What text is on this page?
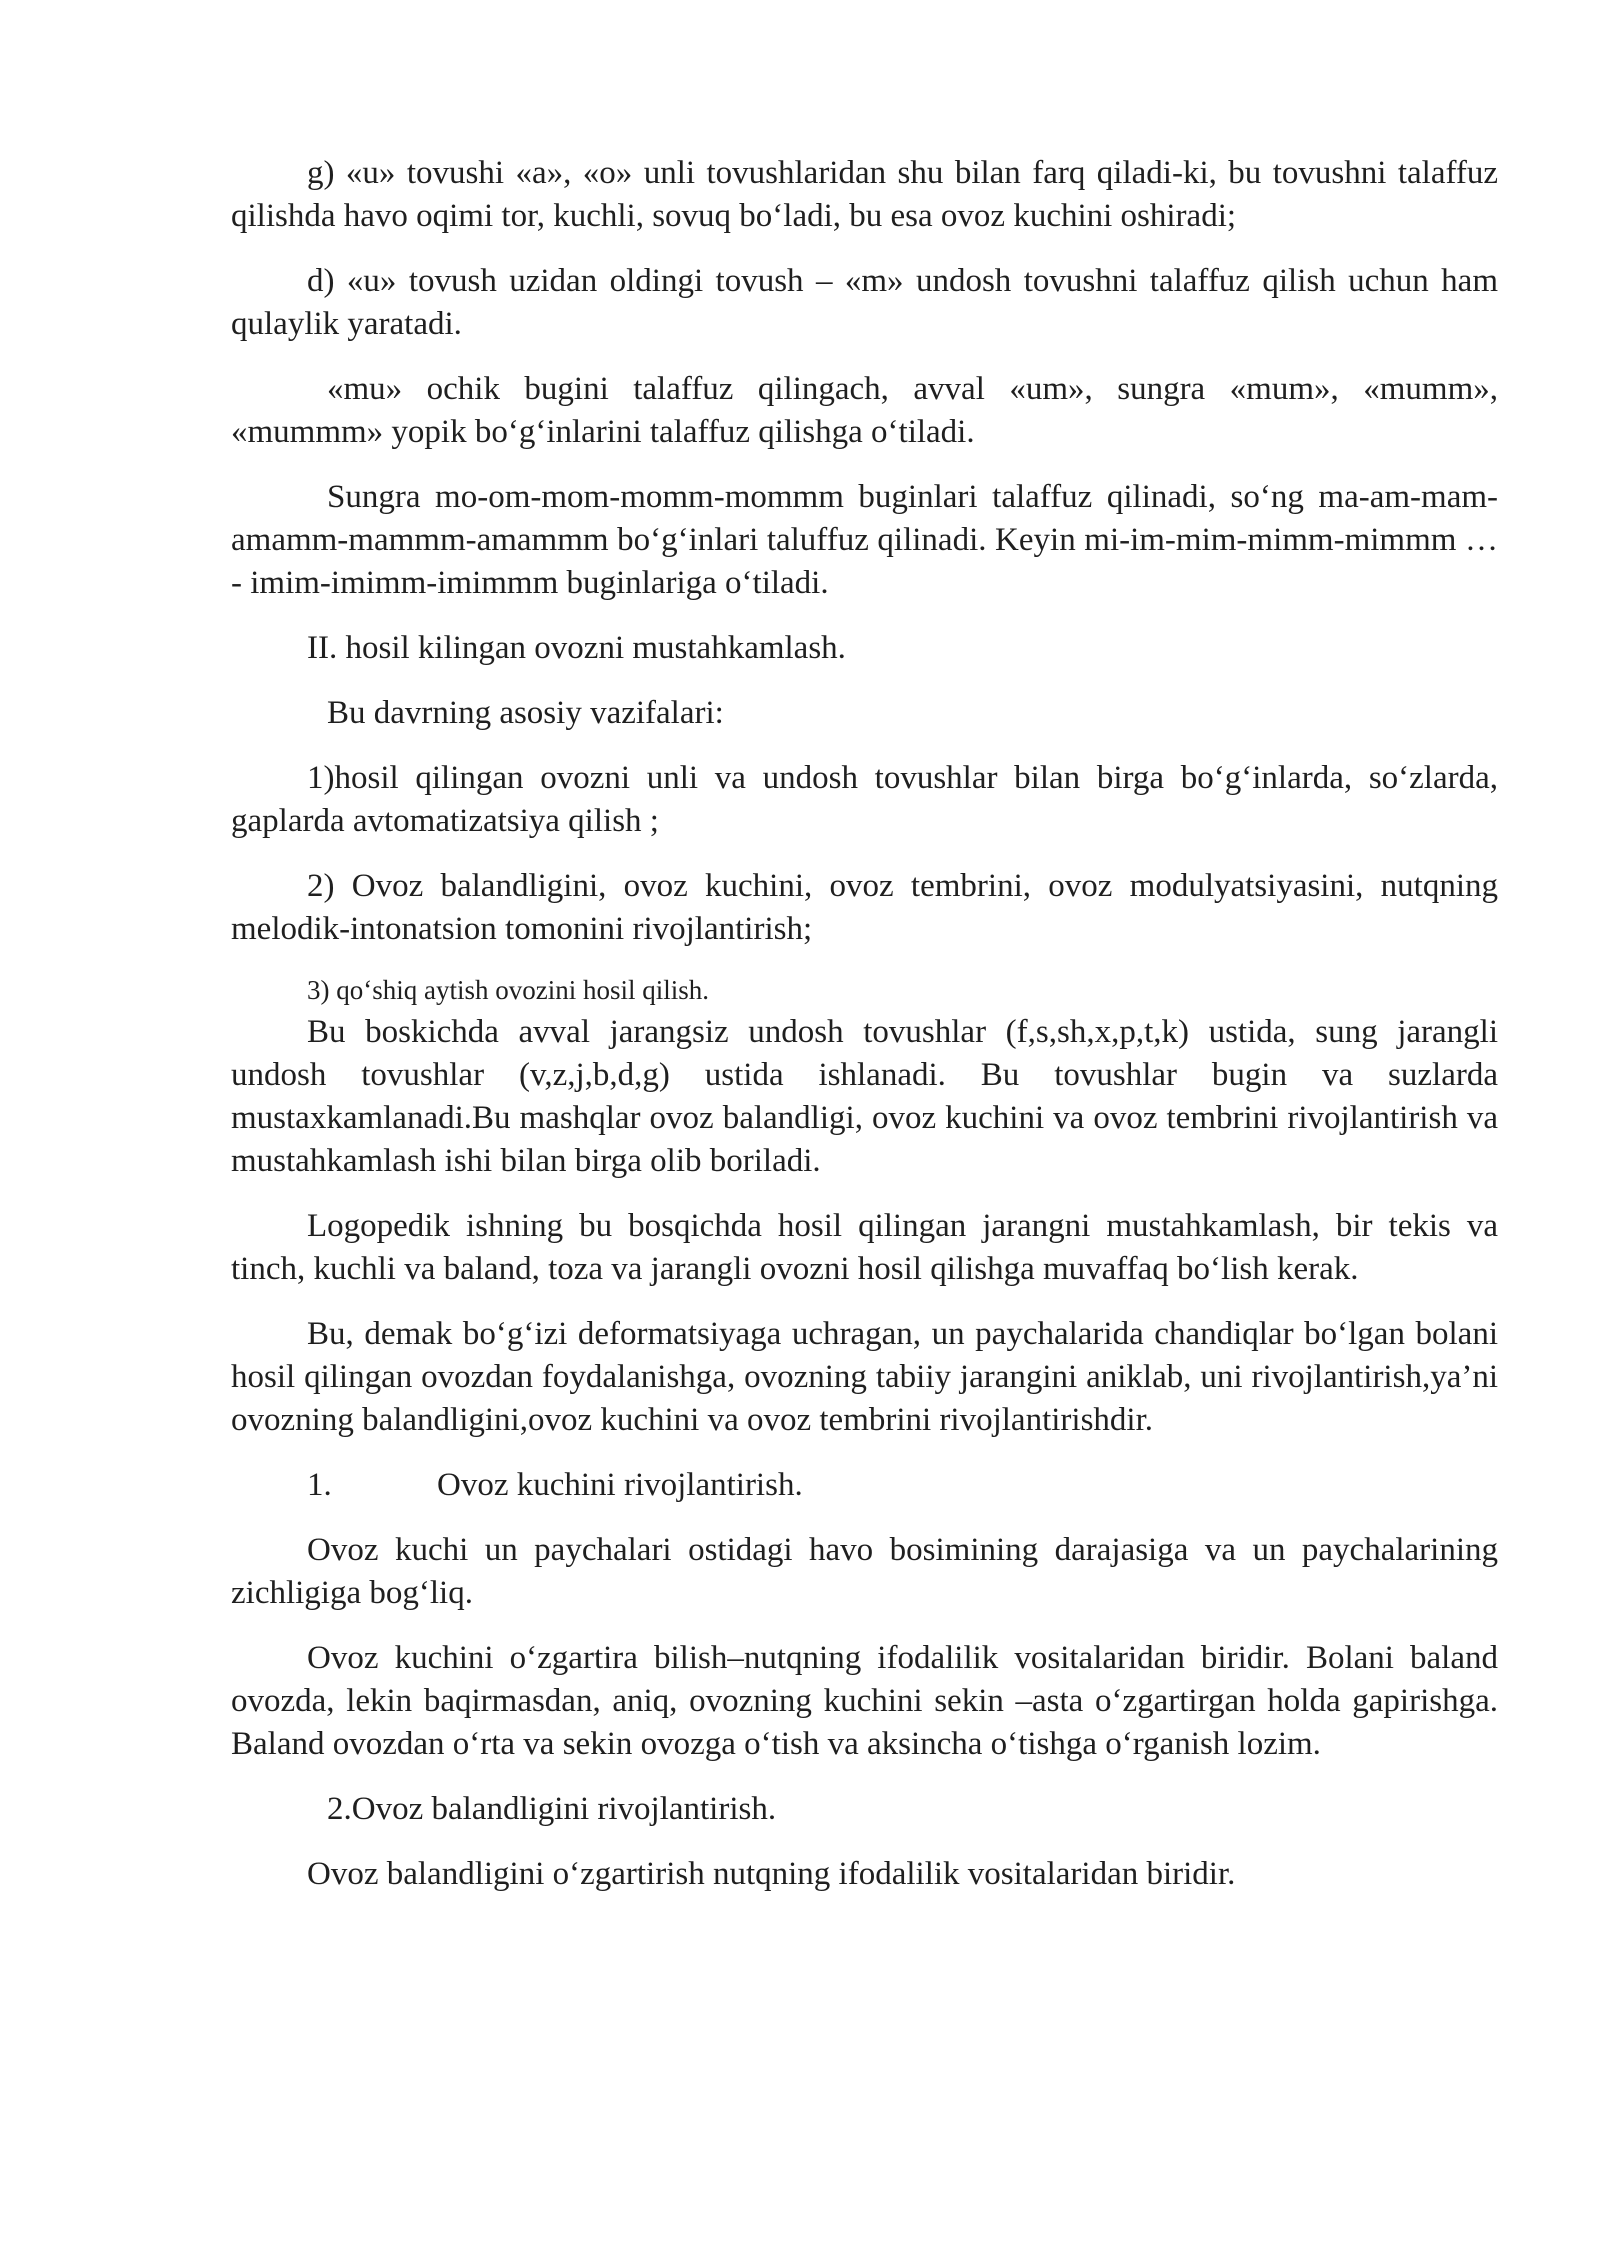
g) «u» tovushi «a», «o» unli tovushlaridan shu bilan farq qiladi-ki, bu tovushni talaffuz qilishda havo oqimi tor, kuchli, sovuq bo‘ladi, bu esa ovoz kuchini oshiradi;

d) «u» tovush uzidan oldingi tovush – «m» undosh tovushni talaffuz qilish uchun ham qulaylik yaratadi.

«mu» ochik bugini talaffuz qilingach, avval «um», sungra «mum», «mumm», «mummm» yopik bo‘g‘inlarini talaffuz qilishga o‘tiladi.

Sungra mo-om-mom-momm-mommm buginlari talaffuz qilinadi, so‘ng ma-am-mam-amamm-mammm-amammm bo‘g‘inlari taluffuz qilinadi. Keyin mi-im-mim-mimm-mimmm … - imim-imimm-imimmm buginlariga o‘tiladi.

II. hosil kilingan ovozni mustahkamlash.

Bu davrning asosiy vazifalari:

1)hosil qilingan ovozni unli va undosh tovushlar bilan birga bo‘g‘inlarda, so‘zlarda, gaplarda avtomatizatsiya qilish ;

2) Ovoz balandligini, ovoz kuchini, ovoz tembrini, ovoz modulyatsiyasini, nutqning melodik-intonatsion tomonini rivojlantirish;

3) qo‘shiq aytish ovozini hosil qilish.

Bu boskichda avval jarangsiz undosh tovushlar (f,s,sh,x,p,t,k) ustida, sung jarangli undosh tovushlar (v,z,j,b,d,g) ustida ishlanadi. Bu tovushlar bugin va suzlarda mustaxkamlanadi.Bu mashqlar ovoz balandligi, ovoz kuchini va ovoz tembrini rivojlantirish va mustahkamlash ishi bilan birga olib boriladi.

Logopedik ishning bu bosqichda hosil qilingan jarangni mustahkamlash, bir tekis va tinch, kuchli va baland, toza va jarangli ovozni hosil qilishga muvaffaq bo‘lish kerak.

Bu, demak bo‘g‘izi deformatsiyaga uchragan, un paychalarida chandiqlar bo‘lgan bolani hosil qilingan ovozdan foydalanishga, ovozning tabiiy jarangini aniklab, uni rivojlantirish,ya’ni ovozning balandligini,ovoz kuchini va ovoz tembrini rivojlantirishdir.

1.	Ovoz kuchini rivojlantirish.

Ovoz kuchi un paychalari ostidagi havo bosimining darajasiga va un paychalarining zichligiga bog‘liq.

Ovoz kuchini o‘zgartira bilish–nutqning ifodalilik vositalaridan biridir. Bolani baland ovozda, lekin baqirmasdan, aniq, ovozning kuchini sekin –asta o‘zgartirgan holda gapirishga. Baland ovozdan o‘rta va sekin ovozga o‘tish va aksincha o‘tishga o‘rganish lozim.

2.Ovoz balandligini rivojlantirish.

Ovoz balandligini o‘zgartirish nutqning ifodalilik vositalaridan biridir.
